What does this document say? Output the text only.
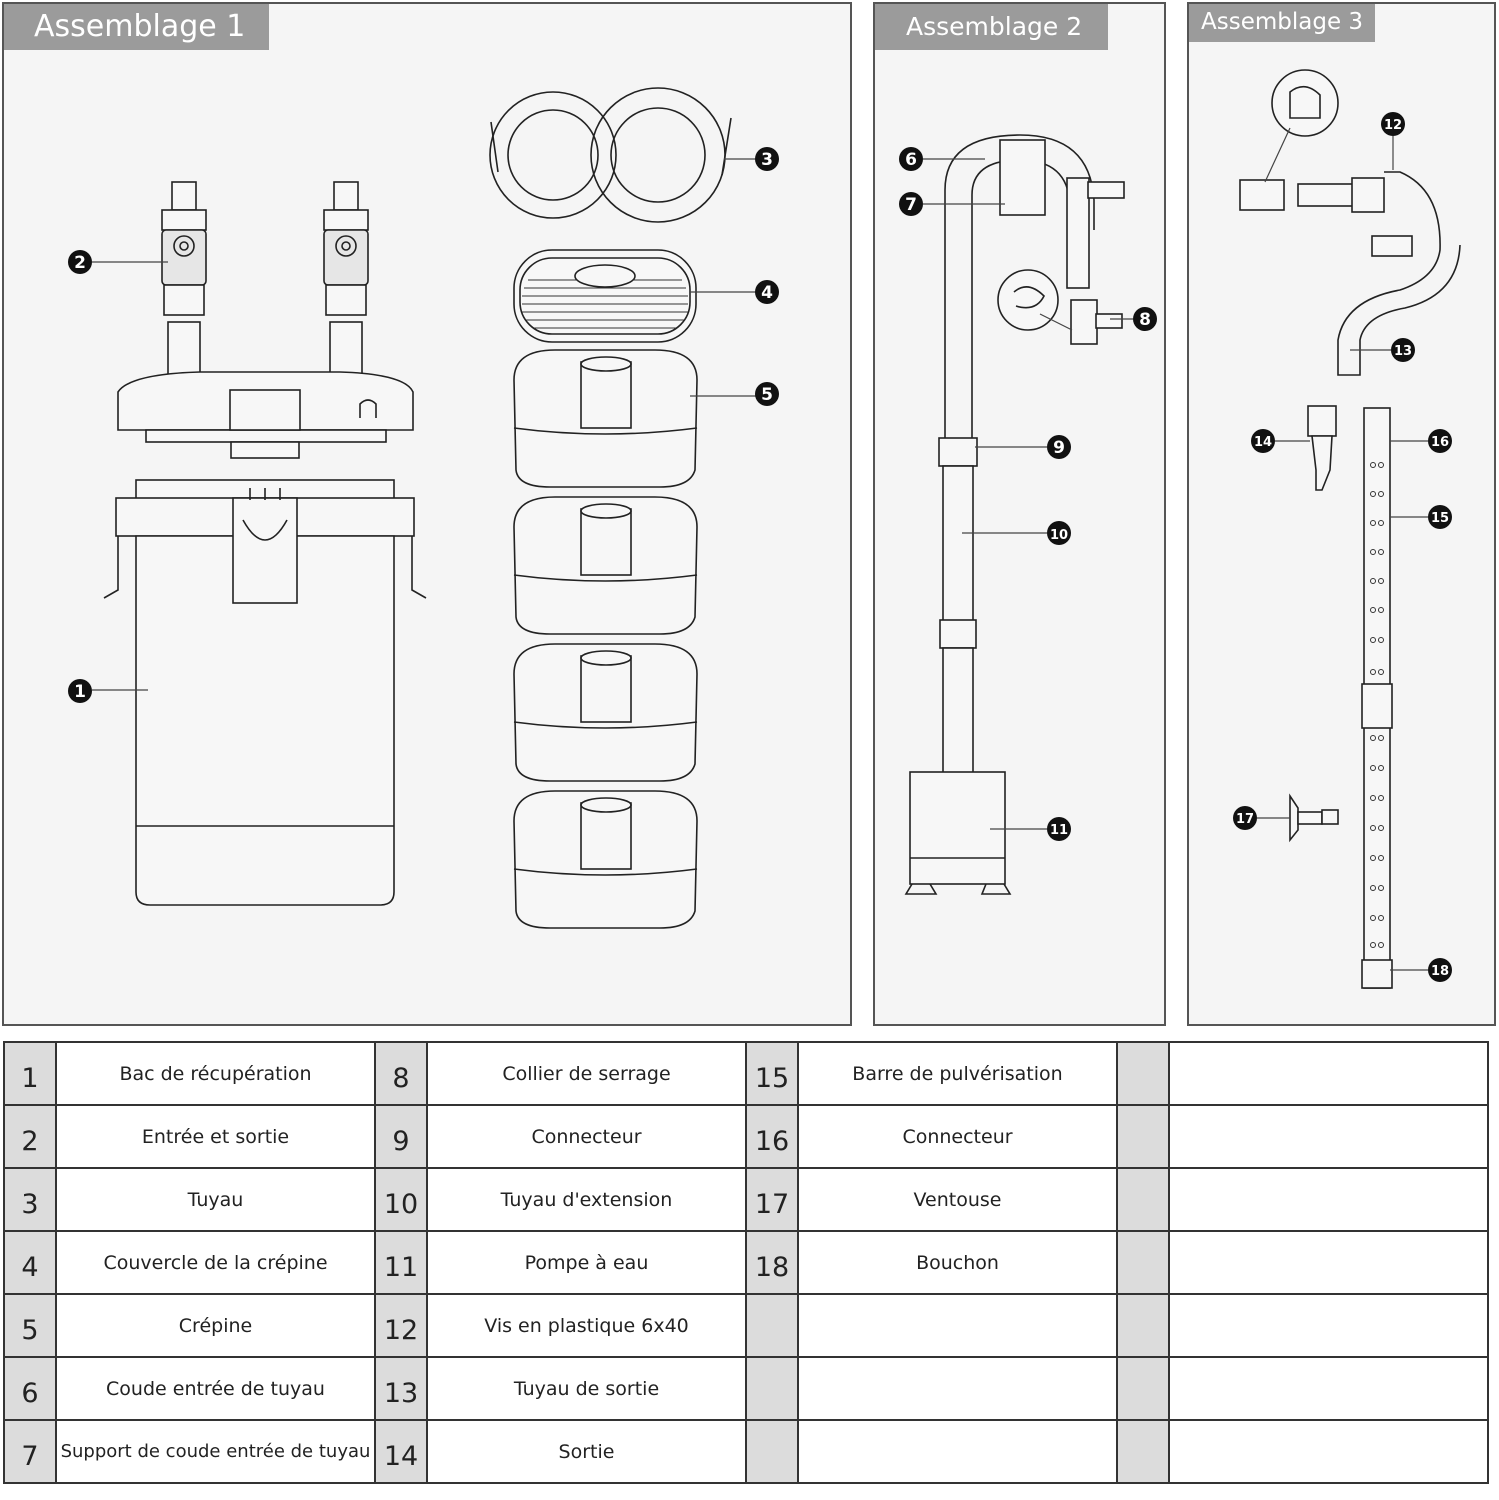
Assemblage 1	Assemblage 2	Assemblage 3
1
2
3
4
5
6
7
8
9
10
11
12
13
14
15
16
17
18
1	Bac de récupération	8	Collier de serrage	15	Barre de pulvérisation		
2	Entrée et sortie	9	Connecteur	16	Connecteur		
3	Tuyau	10	Tuyau d'extension	17	Ventouse		
4	Couvercle de la crépine	11	Pompe à eau	18	Bouchon		
5	Crépine	12	Vis en plastique 6x40				
6	Coude entrée de tuyau	13	Tuyau de sortie				
7	Support de coude entrée de tuyau	14	Sortie				
